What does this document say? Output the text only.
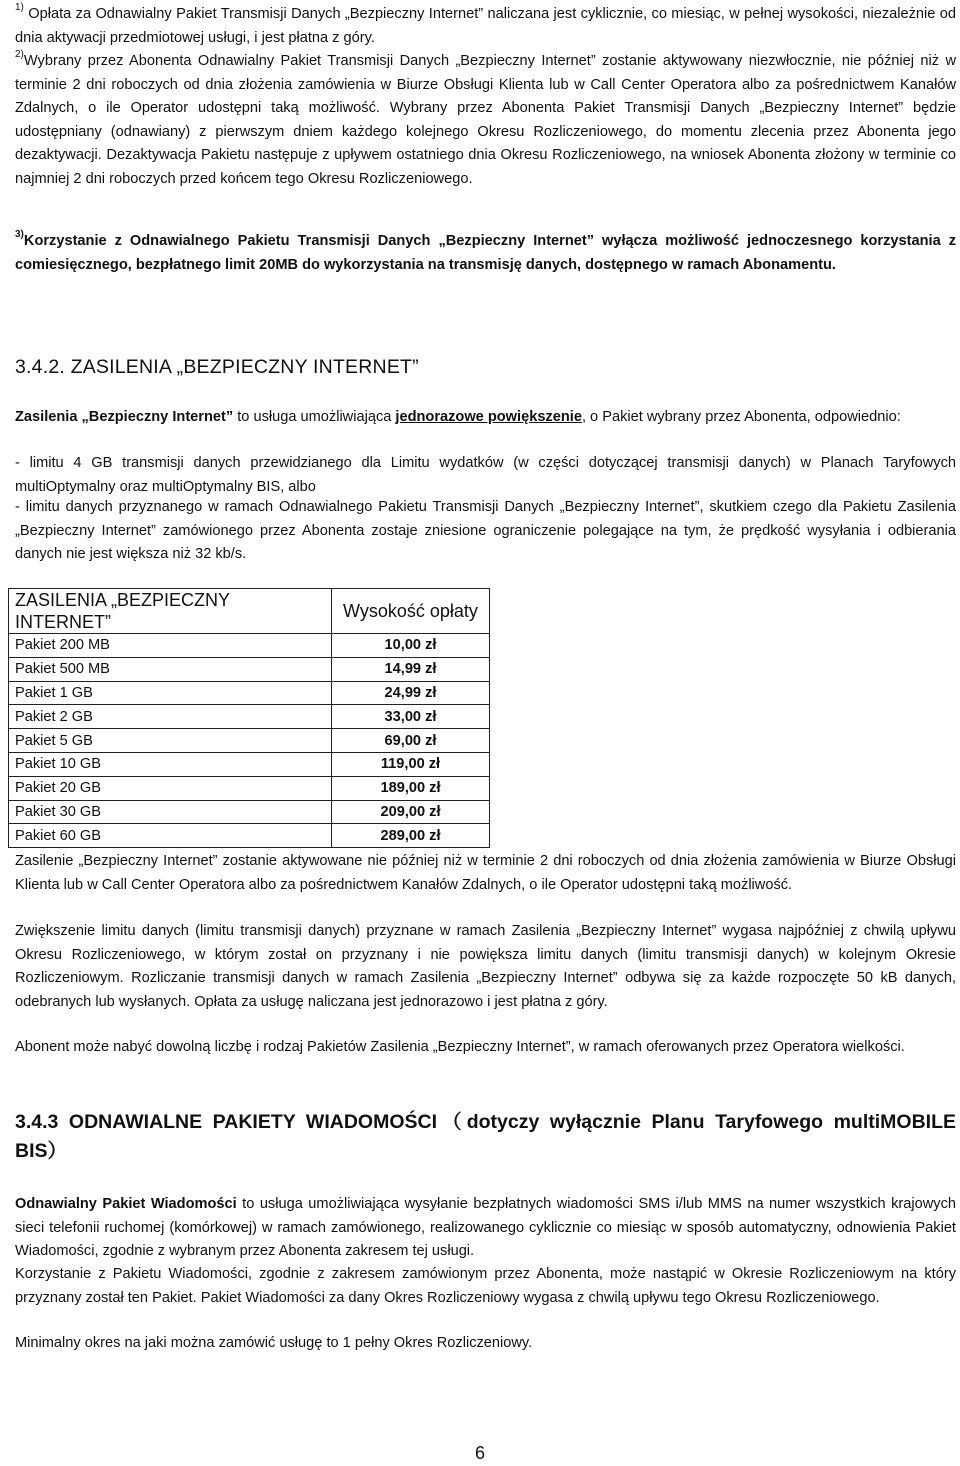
$^{1)}$ Opłata za Odnawialny Pakiet Transmisji Danych „Bezpieczny Internet” naliczana jest cyklicznie, co miesiąc, w pełnej wysokości, niezależnie od dnia aktywacji przedmiotowej usługi, i jest płatna z góry.

$^{2)}$Wybrany przez Abonenta Odnawialny Pakiet Transmisji Danych „Bezpieczny Internet” zostanie aktywowany niezwłocznie, nie później niż w terminie 2 dni roboczych od dnia złożenia zamówienia w Biurze Obsługi Klienta lub w Call Center Operatora albo za pośrednictwem Kanałów Zdalnych, o ile Operator udostępni taką możliwość. Wybrany przez Abonenta Pakiet Transmisji Danych „Bezpieczny Internet” będzie udostępniany (odnawiany) z pierwszym dniem każdego kolejnego Okresu Rozliczeniowego, do momentu zlecenia przez Abonenta jego dezaktywacji. Dezaktywacja Pakietu następuje z upływem ostatniego dnia Okresu Rozliczeniowego, na wniosek Abonenta złożony w terminie co najmniej 2 dni roboczych przed końcem tego Okresu Rozliczeniowego.

$^{3)}$Korzystanie z Odnawialnego Pakietu Transmisji Danych „Bezpieczny Internet” wyłącza możliwość jednoczesnego korzystania z comiesięcznego, bezpłatnego limit 20MB do wykorzystania na transmisję danych, dostępnego w ramach Abonamentu.

3.4.2. ZASILENIA „BEZPIECZNY INTERNET”

Zasilenia „Bezpieczny Internet” to usługa umożliwiająca jednorazowe powiększenie, o Pakiet wybrany przez Abonenta, odpowiednio:

- limitu 4 GB transmisji danych przewidzianego dla Limitu wydatków (w części dotyczącej transmisji danych) w Planach Taryfowych multiOptymalny oraz multiOptymalny BIS, albo

- limitu danych przyznanego w ramach Odnawialnego Pakietu Transmisji Danych „Bezpieczny Internet”, skutkiem czego dla Pakietu Zasilenia „Bezpieczny Internet” zamówionego przez Abonenta zostaje zniesione ograniczenie polegające na tym, że prędkość wysyłania i odbierania danych nie jest większa niż 32 kb/s.

ZASILENIA „BEZPIECZNY INTERNET”	Wysokość opłaty
Pakiet 200 MB	10,00 zł
Pakiet 500 MB	14,99 zł
Pakiet 1 GB	24,99 zł
Pakiet 2 GB	33,00 zł
Pakiet 5 GB	69,00 zł
Pakiet 10 GB	119,00 zł
Pakiet 20 GB	189,00 zł
Pakiet 30 GB	209,00 zł
Pakiet 60 GB	289,00 zł

Zasilenie „Bezpieczny Internet” zostanie aktywowane nie później niż w terminie 2 dni roboczych od dnia złożenia zamówienia w Biurze Obsługi Klienta lub w Call Center Operatora albo za pośrednictwem Kanałów Zdalnych, o ile Operator udostępni taką możliwość.

Zwiększenie limitu danych (limitu transmisji danych) przyznane w ramach Zasilenia „Bezpieczny Internet” wygasa najpóźniej z chwilą upływu Okresu Rozliczeniowego, w którym został on przyznany i nie powiększa limitu danych (limitu transmisji danych) w kolejnym Okresie Rozliczeniowym. Rozliczanie transmisji danych w ramach Zasilenia „Bezpieczny Internet” odbywa się za każde rozpoczęte 50 kB danych, odebranych lub wysłanych. Opłata za usługę naliczana jest jednorazowo i jest płatna z góry.

Abonent może nabyć dowolną liczbę i rodzaj Pakietów Zasilenia „Bezpieczny Internet”, w ramach oferowanych przez Operatora wielkości.

3.4.3 ODNAWIALNE PAKIETY WIADOMOŚCI（dotyczy wyłącznie Planu Taryfowego multiMOBILE BIS）

Odnawialny Pakiet Wiadomości to usługa umożliwiająca wysyłanie bezpłatnych wiadomości SMS i/lub MMS na numer wszystkich krajowych sieci telefonii ruchomej (komórkowej) w ramach zamówionego, realizowanego cyklicznie co miesiąc w sposób automatyczny, odnowienia Pakiet Wiadomości, zgodnie z wybranym przez Abonenta zakresem tej usługi.

Korzystanie z Pakietu Wiadomości, zgodnie z zakresem zamówionym przez Abonenta, może nastąpić w Okresie Rozliczeniowym na który przyznany został ten Pakiet. Pakiet Wiadomości za dany Okres Rozliczeniowy wygasa z chwilą upływu tego Okresu Rozliczeniowego.

Minimalny okres na jaki można zamówić usługę to 1 pełny Okres Rozliczeniowy.

6
